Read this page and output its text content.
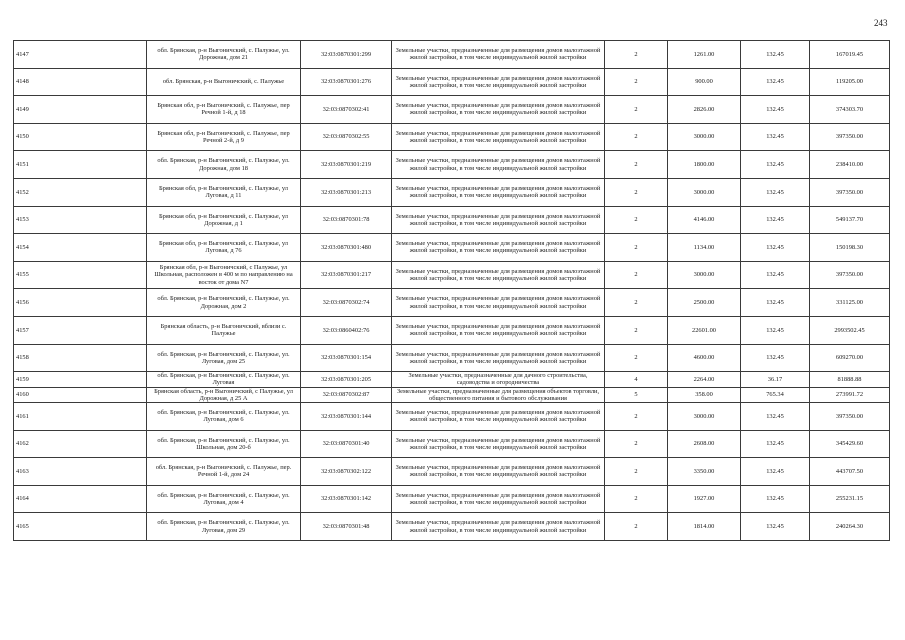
243
4147	обл. Брянская, р-н Выгоничский, с. Палужье, ул. Дорожная, дом 21	32:03:0870301:299	Земельные участки, предназначенные для размещения домов малоэтажной жилой застройки, в том числе индивидуальной жилой застройки	2	1261.00	132.45	167019.45
4148	обл. Брянская, р-н Выгоничский, с. Палужье	32:03:0870301:276	Земельные участки, предназначенные для размещения домов малоэтажной жилой застройки, в том числе индивидуальной жилой застройки	2	900.00	132.45	119205.00
4149	Брянская обл, р-н Выгоничский, с. Палужье, пер Речной 1-й, д 18	32:03:0870302:41	Земельные участки, предназначенные для размещения домов малоэтажной жилой застройки, в том числе индивидуальной жилой застройки	2	2826.00	132.45	374303.70
4150	Брянская обл, р-н Выгоничский, с. Палужье, пер Речной 2-й, д 9	32:03:0870302:55	Земельные участки, предназначенные для размещения домов малоэтажной жилой застройки, в том числе индивидуальной жилой застройки	2	3000.00	132.45	397350.00
4151	обл. Брянская, р-н Выгоничский, с. Палужье, ул. Дорожная, дом 18	32:03:0870301:219	Земельные участки, предназначенные для размещения домов малоэтажной жилой застройки, в том числе индивидуальной жилой застройки	2	1800.00	132.45	238410.00
4152	Брянская обл, р-н Выгоничский, с. Палужье, ул Луговая, д 11	32:03:0870301:213	Земельные участки, предназначенные для размещения домов малоэтажной жилой застройки, в том числе индивидуальной жилой застройки	2	3000.00	132.45	397350.00
4153	Брянская обл, р-н Выгоничский, с. Палужье, ул Дорожная, д 1	32:03:0870301:78	Земельные участки, предназначенные для размещения домов малоэтажной жилой застройки, в том числе индивидуальной жилой застройки	2	4146.00	132.45	549137.70
4154	Брянская обл, р-н Выгоничский, с. Палужье, ул Луговая, д 76	32:03:0870301:480	Земельные участки, предназначенные для размещения домов малоэтажной жилой застройки, в том числе индивидуальной жилой застройки	2	1134.00	132.45	150198.30
4155	Брянская обл, р-н Выгоничский, с Палужье, ул Школьная, расположен в 400 м по направлению на восток от дома N7	32:03:0870301:217	Земельные участки, предназначенные для размещения домов малоэтажной жилой застройки, в том числе индивидуальной жилой застройки	2	3000.00	132.45	397350.00
4156	обл. Брянская, р-н Выгоничский, с. Палужье, ул. Дорожная, дом 2	32:03:0870302:74	Земельные участки, предназначенные для размещения домов малоэтажной жилой застройки, в том числе индивидуальной жилой застройки	2	2500.00	132.45	331125.00
4157	Брянская область, р-н Выгоничский, вблизи с. Палужье	32:03:0860402:76	Земельные участки, предназначенные для размещения домов малоэтажной жилой застройки, в том числе индивидуальной жилой застройки	2	22601.00	132.45	2993502.45
4158	обл. Брянская, р-н Выгоничский, с. Палужье, ул. Луговая, дом 25	32:03:0870301:154	Земельные участки, предназначенные для размещения домов малоэтажной жилой застройки, в том числе индивидуальной жилой застройки	2	4600.00	132.45	609270.00
4159	обл. Брянская, р-н Выгоничский, с. Палужье, ул. Луговая	32:03:0870301:205	Земельные участки, предназначенные для дачного строительства, садоводства и огородничества	4	2264.00	36.17	81888.88
4160	Брянская область, р-н Выгоничский, с Палужье, ул Дорожная, д 25 А	32:03:0870302:87	Земельные участки, предназначенные для размещения объектов торговли, общественного питания и бытового обслуживания	5	358.00	765.34	273991.72
4161	обл. Брянская, р-н Выгоничский, с. Палужье, ул. Луговая, дом 6	32:03:0870301:144	Земельные участки, предназначенные для размещения домов малоэтажной жилой застройки, в том числе индивидуальной жилой застройки	2	3000.00	132.45	397350.00
4162	обл. Брянская, р-н Выгоничский, с. Палужье, ул. Школьная, дом 20-б	32:03:0870301:40	Земельные участки, предназначенные для размещения домов малоэтажной жилой застройки, в том числе индивидуальной жилой застройки	2	2608.00	132.45	345429.60
4163	обл. Брянская, р-н Выгоничский, с. Палужье, пер. Речной 1-й, дом 24	32:03:0870302:122	Земельные участки, предназначенные для размещения домов малоэтажной жилой застройки, в том числе индивидуальной жилой застройки	2	3350.00	132.45	443707.50
4164	обл. Брянская, р-н Выгоничский, с. Палужье, ул. Луговая, дом 4	32:03:0870301:142	Земельные участки, предназначенные для размещения домов малоэтажной жилой застройки, в том числе индивидуальной жилой застройки	2	1927.00	132.45	255231.15
4165	обл. Брянская, р-н Выгоничский, с. Палужье, ул. Луговая, дом 29	32:03:0870301:48	Земельные участки, предназначенные для размещения домов малоэтажной жилой застройки, в том числе индивидуальной жилой застройки	2	1814.00	132.45	240264.30
